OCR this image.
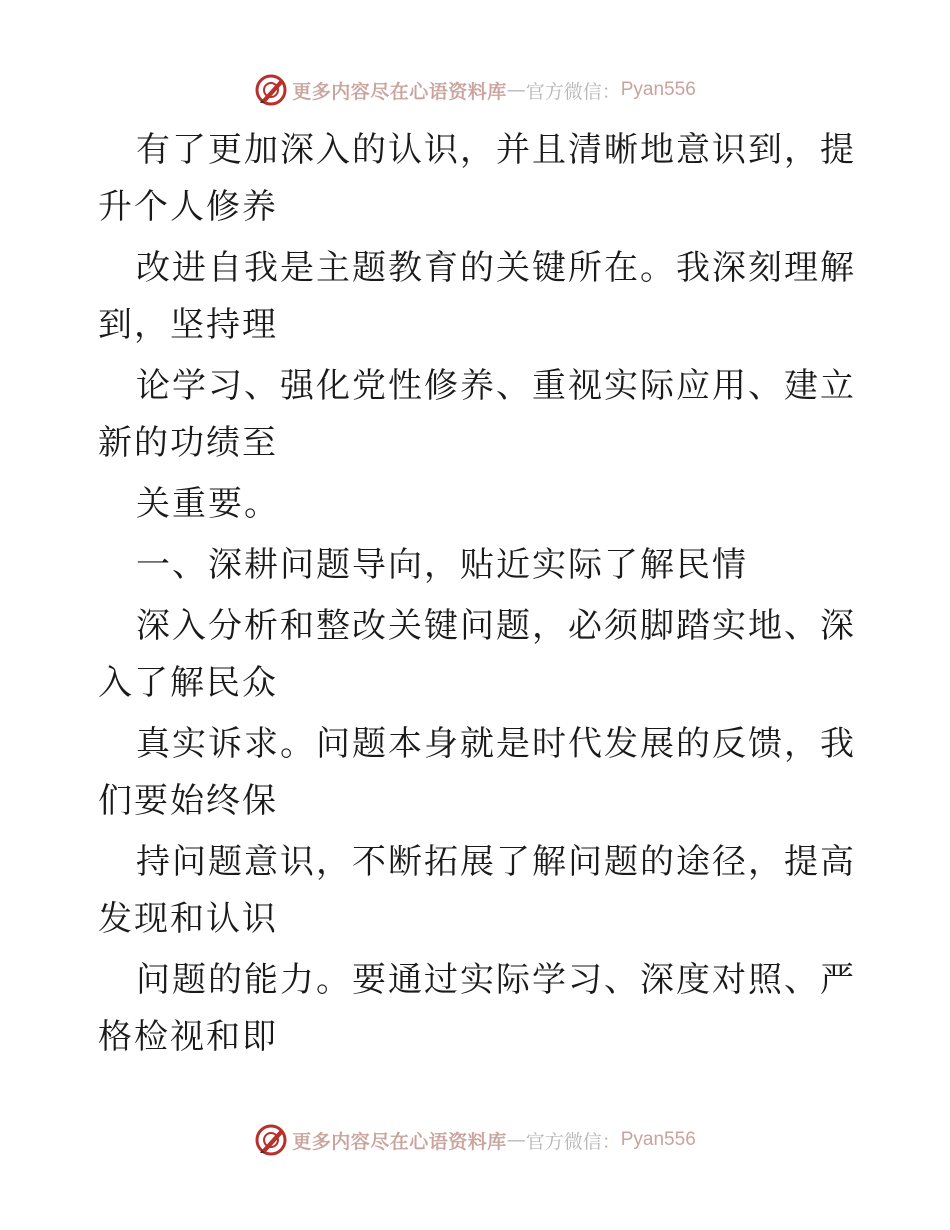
更多内容尽在心语资料库 — 官方微信： Pyan556

有了更加深入的认识，并且清晰地意识到，提升个人修养

改进自我是主题教育的关键所在。我深刻理解到，坚持理

论学习、强化党性修养、重视实际应用、建立新的功绩至

关重要。

一、深耕问题导向，贴近实际了解民情

深入分析和整改关键问题，必须脚踏实地、深入了解民众

真实诉求。问题本身就是时代发展的反馈，我们要始终保

持问题意识，不断拓展了解问题的途径，提高发现和认识

问题的能力。要通过实际学习、深度对照、严格检视和即

更多内容尽在心语资料库 — 官方微信： Pyan556
